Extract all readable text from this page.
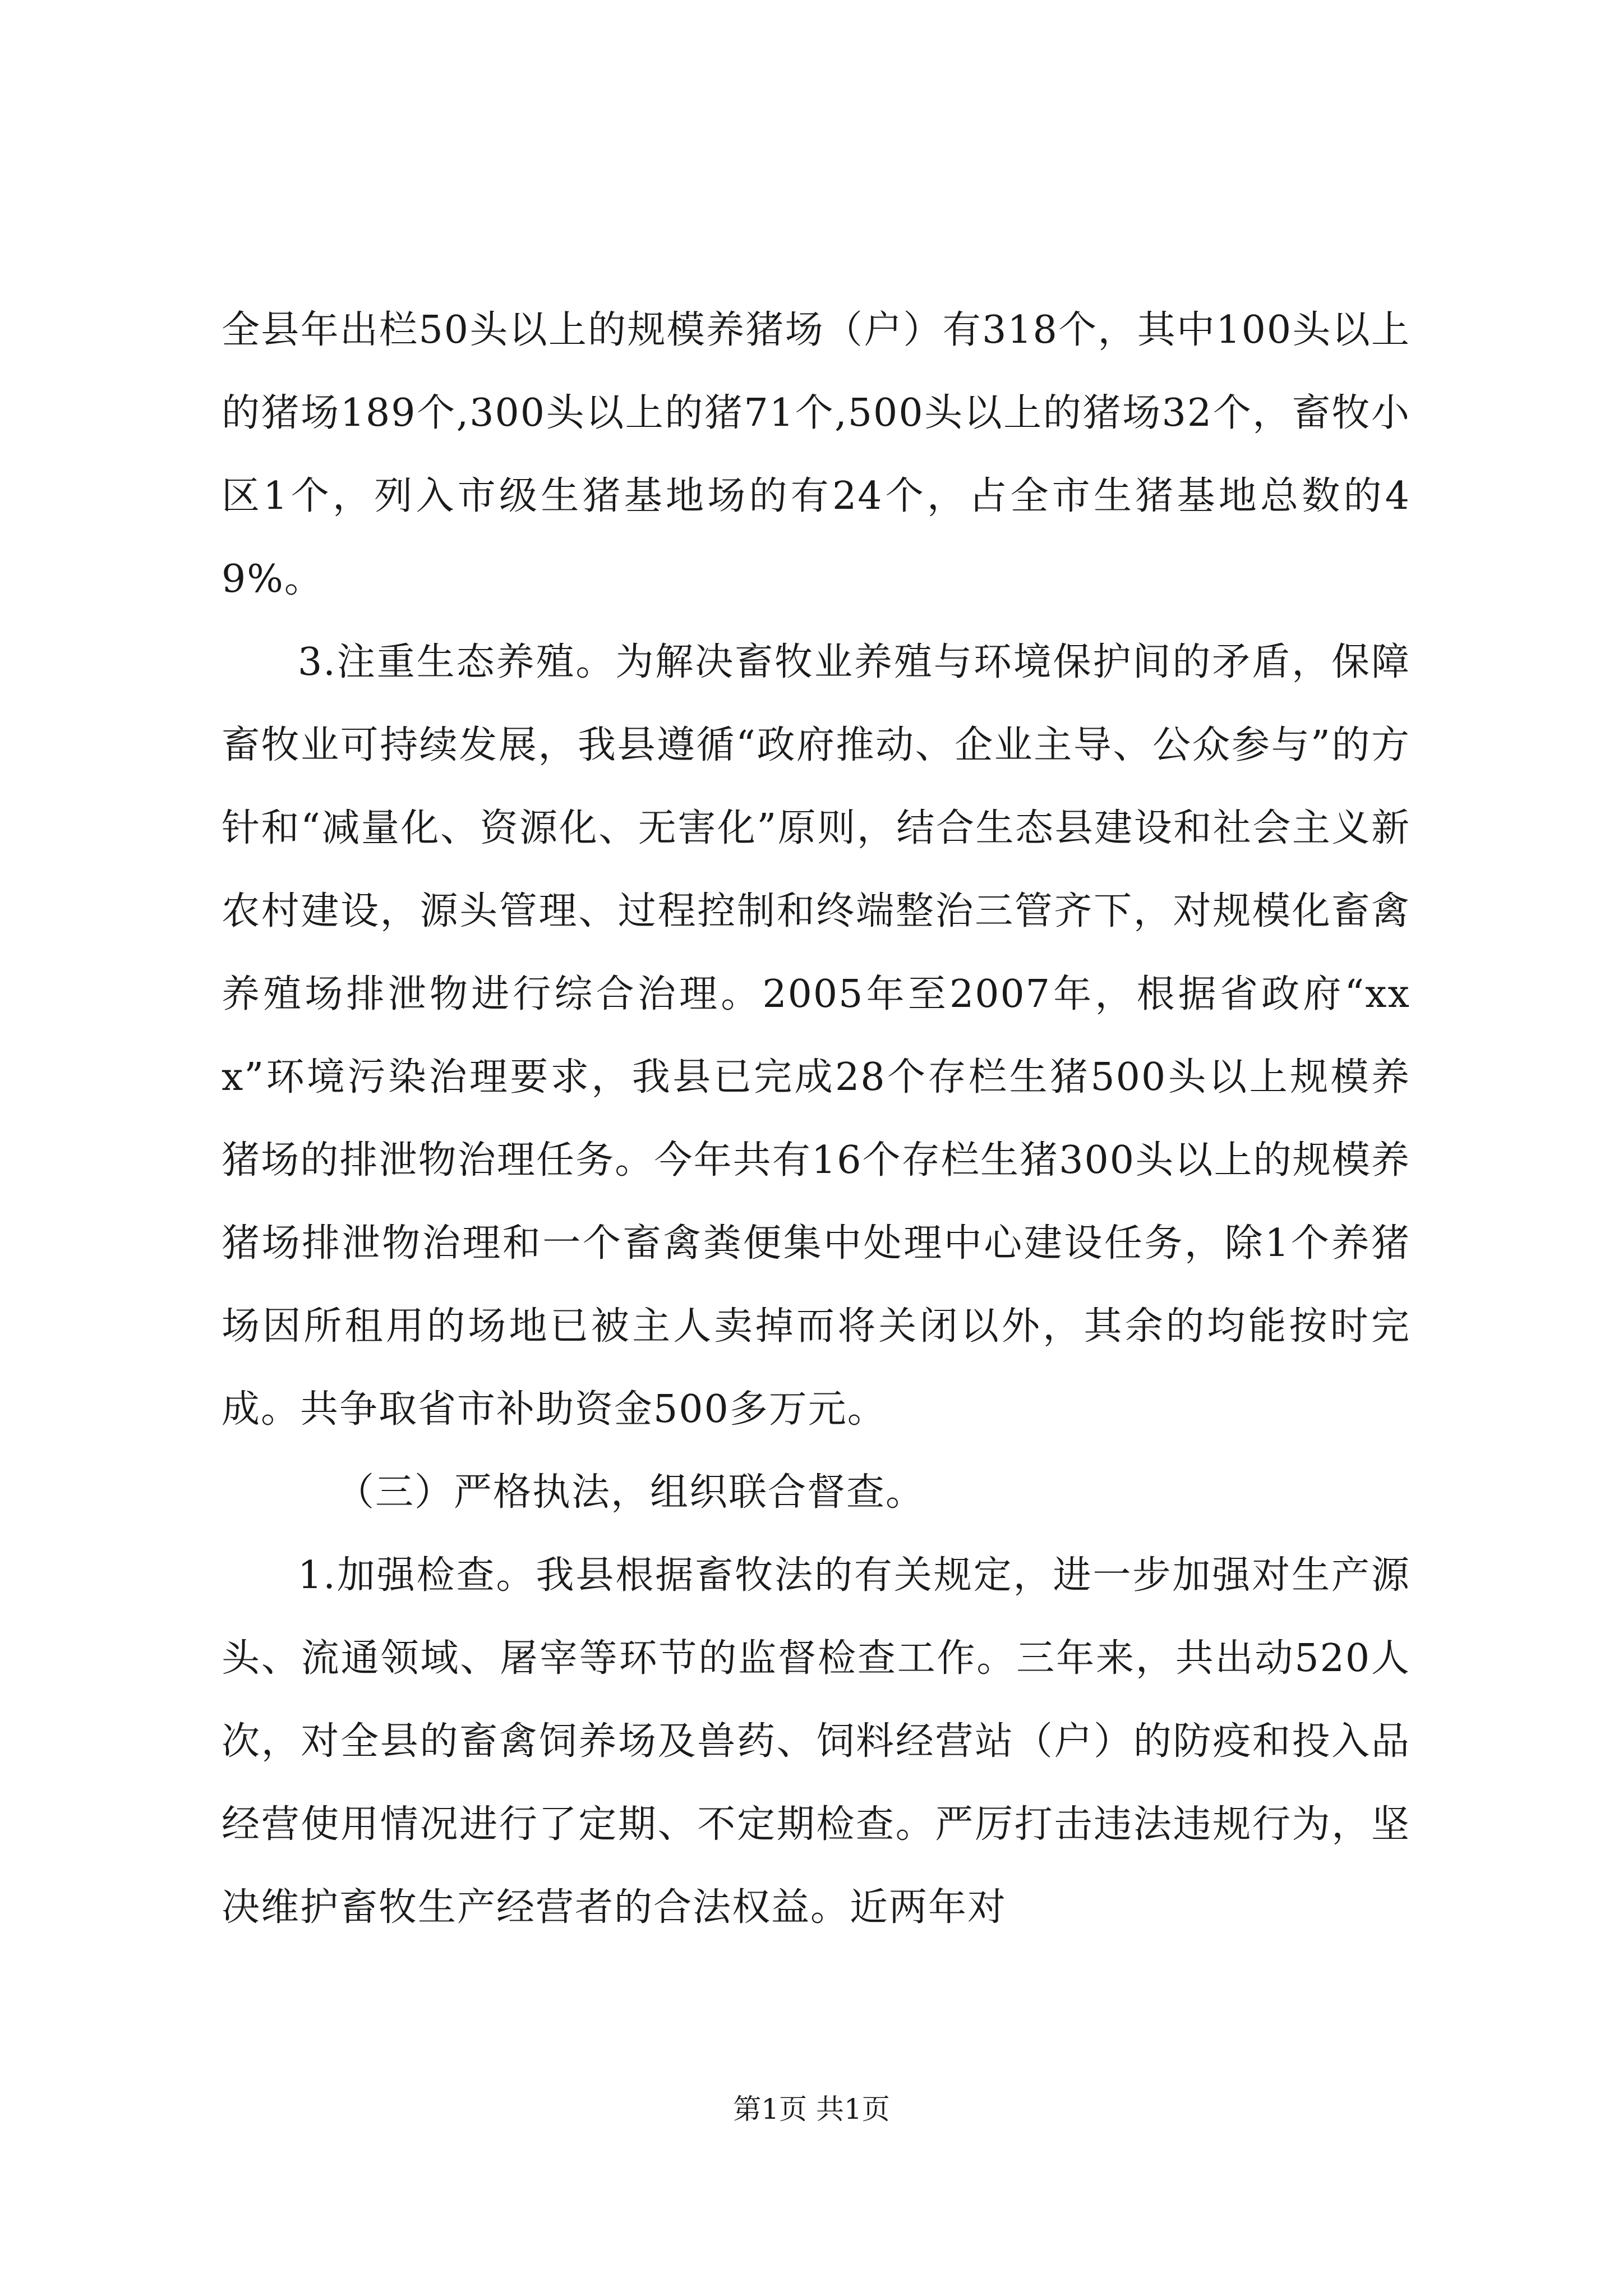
全县年出栏50头以上的规模养猪场（户）有318个，其中100头以上的猪场189个,300头以上的猪71个,500头以上的猪场32个，畜牧小区1个，列入市级生猪基地场的有24个，占全市生猪基地总数的49%。

3.注重生态养殖。为解决畜牧业养殖与环境保护间的矛盾，保障畜牧业可持续发展，我县遵循“政府推动、企业主导、公众参与”的方针和“减量化、资源化、无害化”原则，结合生态县建设和社会主义新农村建设，源头管理、过程控制和终端整治三管齐下，对规模化畜禽养殖场排泄物进行综合治理。2005年至2007年，根据省政府“xxx”环境污染治理要求，我县已完成28个存栏生猪500头以上规模养猪场的排泄物治理任务。今年共有16个存栏生猪300头以上的规模养猪场排泄物治理和一个畜禽粪便集中处理中心建设任务，除1个养猪场因所租用的场地已被主人卖掉而将关闭以外，其余的均能按时完成。共争取省市补助资金500多万元。

（三）严格执法，组织联合督查。

1.加强检查。我县根据畜牧法的有关规定，进一步加强对生产源头、流通领域、屠宰等环节的监督检查工作。三年来，共出动520人次，对全县的畜禽饲养场及兽药、饲料经营站（户）的防疫和投入品经营使用情况进行了定期、不定期检查。严厉打击违法违规行为，坚决维护畜牧生产经营者的合法权益。近两年对

第1页 共1页
